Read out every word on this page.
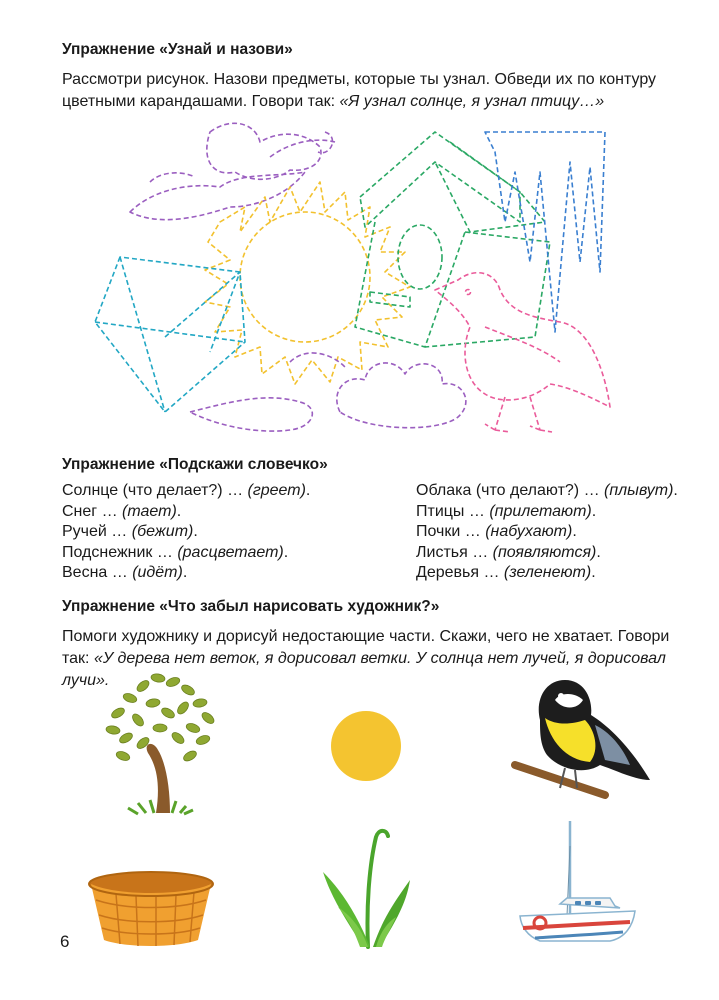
Упражнение «Узнай и назови»
Рассмотри рисунок. Назови предметы, которые ты узнал. Обведи их по контуру цветными карандашами. Говори так: «Я узнал солнце, я узнал птицу…»
Упражнение «Подскажи словечко»
Солнце (что делает?) … (греет).
Снег … (тает).
Ручей … (бежит).
Подснежник … (расцветает).
Весна … (идёт).
Облака (что делают?) … (плывут).
Птицы … (прилетают).
Почки … (набухают).
Листья … (появляются).
Деревья … (зеленеют).
Упражнение «Что забыл нарисовать художник?»
Помоги художнику и дорисуй недостающие части. Скажи, чего не хватает. Говори так: «У дерева нет веток, я дорисовал ветки. У солнца нет лучей, я дорисовал лучи».
6
